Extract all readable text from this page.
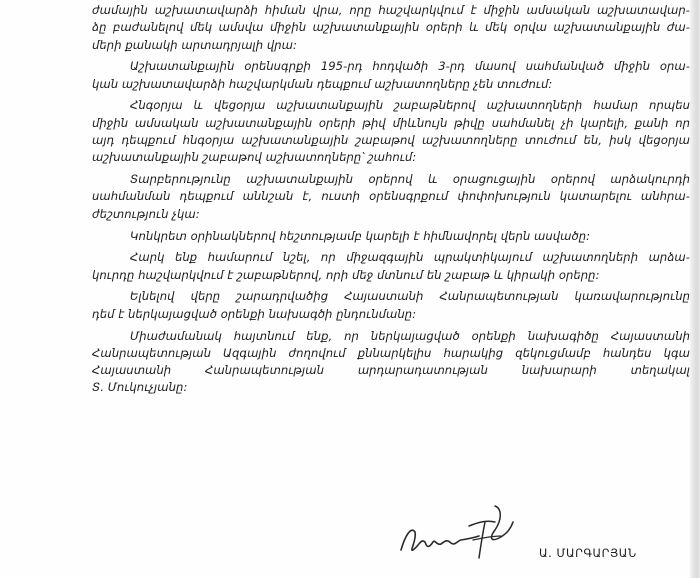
ժամային աշխատավարձի հիման վրա, որը հաշվարկվում է միջին ամսական աշխատավար-
ձը բաժանելով մեկ ամսվա միջին աշխատանքային օրերի և մեկ օրվա աշխատանքային ժա-
մերի քանակի արտադրյալի վրա:

Աշխատանքային օրենսգրքի 195-րդ հոդվածի 3-րդ մասով սահմանված միջին օրա-
կան աշխատավարձի հաշվարկման դեպքում աշխատողները չեն տուժում:

Հնգօրյա և վեցօրյա աշխատանքային շաբաթներով աշխատողների համար որպես
միջին ամսական աշխատանքային օրերի թիվ միևնույն թիվը սահմանել չի կարելի, քանի որ
այդ դեպքում հնգօրյա աշխատանքային շաբաթով աշխատողները տուժում են, իսկ վեցօրյա
աշխատանքային շաբաթով աշխատողները՝ շահում:

Տարբերությունը աշխատանքային օրերով և օրացուցային օրերով արձակուրդի
սահմանման դեպքում աննշան է, ուստի օրենսգրքում փոփոխություն կատարելու անհրա-
ժեշտություն չկա:

Կոնկրետ օրինակներով հեշտությամբ կարելի է հիմնավորել վերն ասվածը:

Հարկ ենք համարում նշել, որ միջազգային պրակտիկայում աշխատողների արձա-
կուրդը հաշվարկվում է շաբաթներով, որի մեջ մտնում են շաբաթ և կիրակի օրերը:

Ելնելով վերը շարադրվածից Հայաստանի Հանրապետության կառավարությունը
դեմ է ներկայացված օրենքի նախագծի ընդունմանը:

Միաժամանակ հայտնում ենք, որ ներկայացված օրենքի նախագիծը Հայաստանի
Հանրապետության Ազգային ժողովում քննարկելիս հարակից զեկուցմամբ հանդես կգա
Հայաստանի Հանրապետության արդարադատության նախարարի տեղակալ
Տ. Մուկուչյանը:

Ա. ՄԱՐԳԱՐՅԱՆ
